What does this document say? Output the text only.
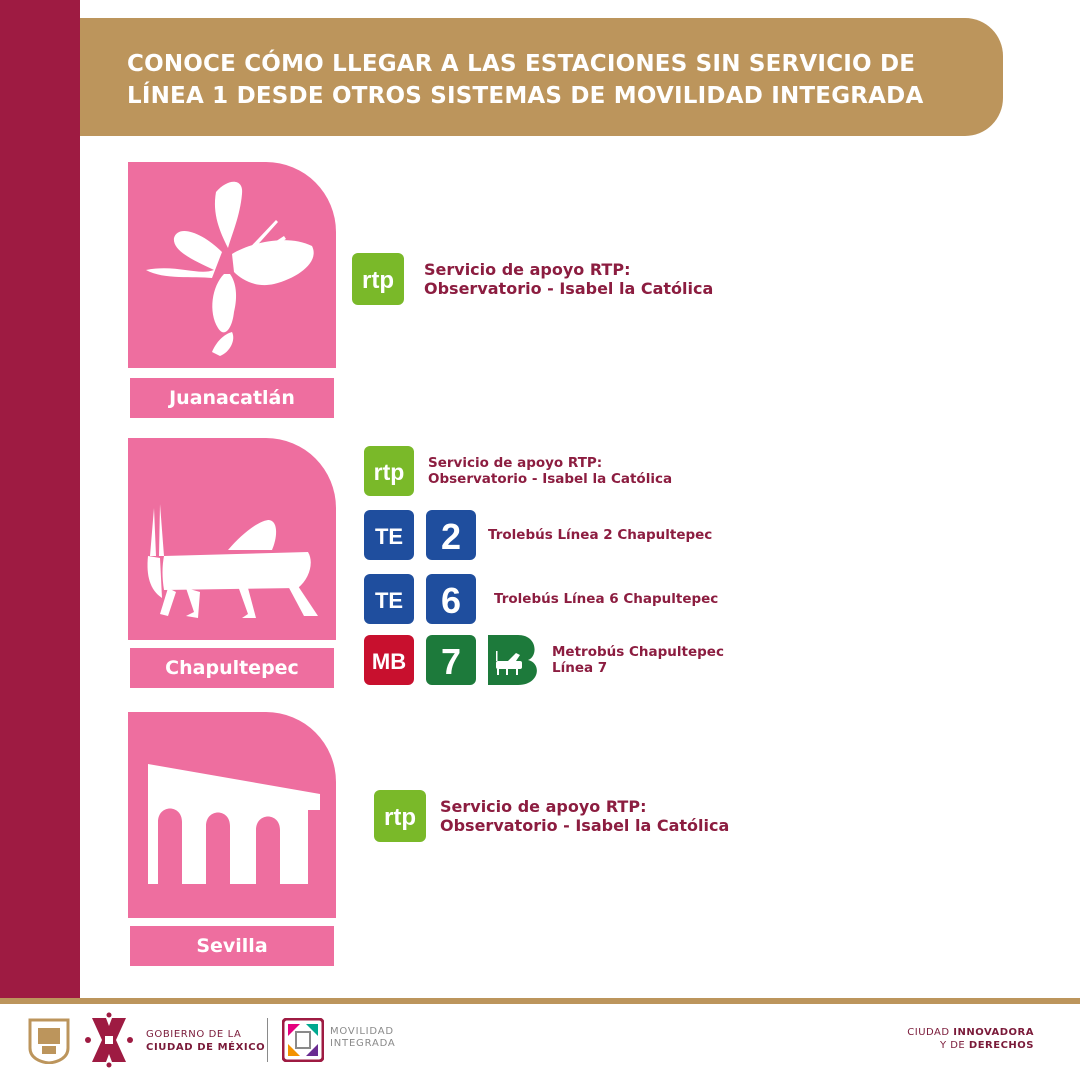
CONOCE CÓMO LLEGAR A LAS ESTACIONES SIN SERVICIO DE
LÍNEA 1 DESDE OTROS SISTEMAS DE MOVILIDAD INTEGRADA
Juanacatlán
rtp Servicio de apoyo RTP:
Observatorio - Isabel la Católica
Chapultepec
rtp Servicio de apoyo RTP:
Observatorio - Isabel la Católica
TE 2 Trolebús Línea 2 Chapultepec
TE 6 Trolebús Línea 6 Chapultepec
MB 7	Metrobús Chapultepec
Línea 7
Sevilla
rtp Servicio de apoyo RTP:
Observatorio - Isabel la Católica
GOBIERNO DE LA
CIUDAD DE MÉXICO
MOVILIDAD
INTEGRADA
CIUDAD INNOVADORA
Y DE DERECHOS
